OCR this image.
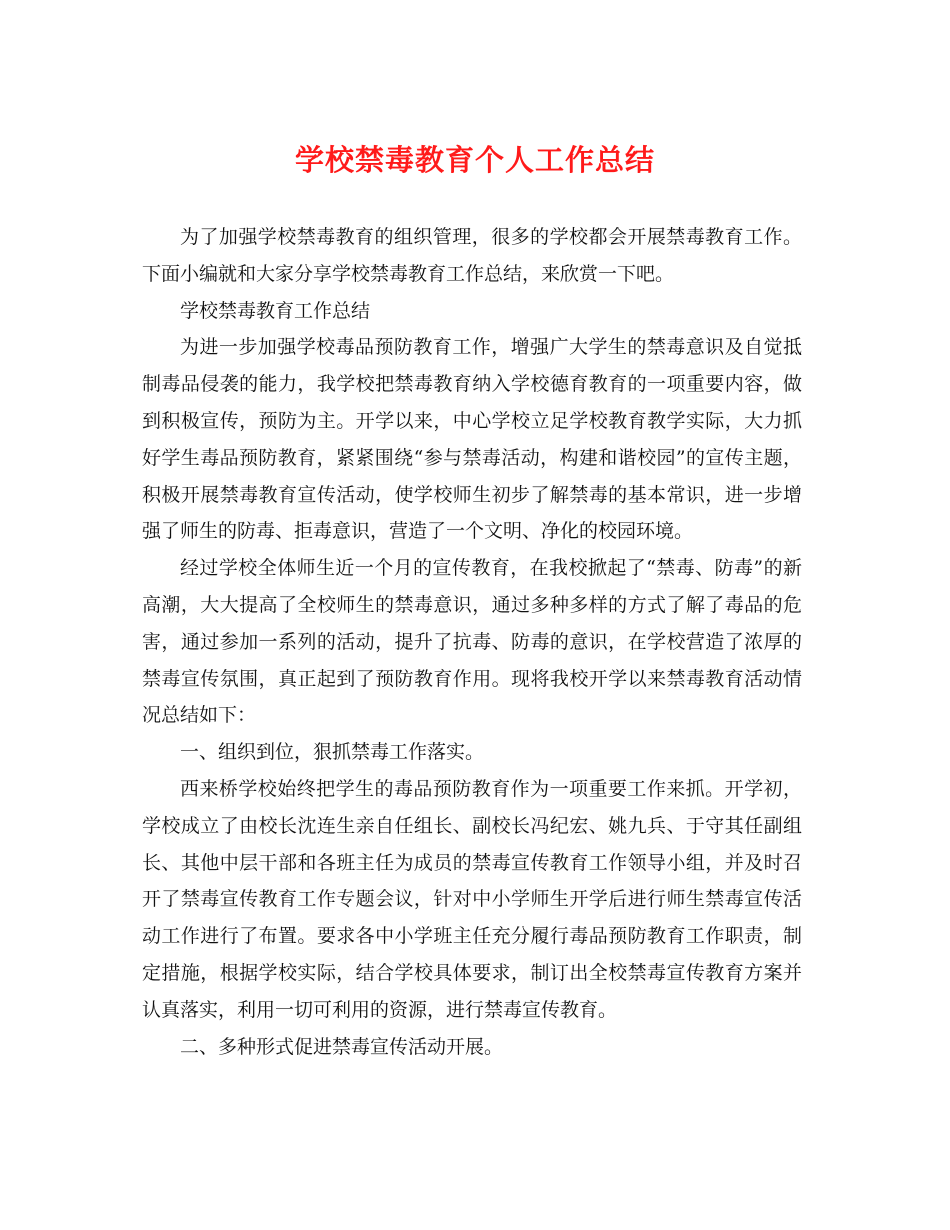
学校禁毒教育个人工作总结

为了加强学校禁毒教育的组织管理，很多的学校都会开展禁毒教育工作。下面小编就和大家分享学校禁毒教育工作总结，来欣赏一下吧。

学校禁毒教育工作总结

为进一步加强学校毒品预防教育工作，增强广大学生的禁毒意识及自觉抵制毒品侵袭的能力，我学校把禁毒教育纳入学校德育教育的一项重要内容，做到积极宣传，预防为主。开学以来，中心学校立足学校教育教学实际，大力抓好学生毒品预防教育，紧紧围绕“参与禁毒活动，构建和谐校园”的宣传主题，积极开展禁毒教育宣传活动，使学校师生初步了解禁毒的基本常识，进一步增强了师生的防毒、拒毒意识，营造了一个文明、净化的校园环境。

经过学校全体师生近一个月的宣传教育，在我校掀起了“禁毒、防毒”的新高潮，大大提高了全校师生的禁毒意识，通过多种多样的方式了解了毒品的危害，通过参加一系列的活动，提升了抗毒、防毒的意识，在学校营造了浓厚的禁毒宣传氛围，真正起到了预防教育作用。现将我校开学以来禁毒教育活动情况总结如下：

一、组织到位，狠抓禁毒工作落实。

西来桥学校始终把学生的毒品预防教育作为一项重要工作来抓。开学初，学校成立了由校长沈连生亲自任组长、副校长冯纪宏、姚九兵、于守其任副组长、其他中层干部和各班主任为成员的禁毒宣传教育工作领导小组，并及时召开了禁毒宣传教育工作专题会议，针对中小学师生开学后进行师生禁毒宣传活动工作进行了布置。要求各中小学班主任充分履行毒品预防教育工作职责，制定措施，根据学校实际，结合学校具体要求，制订出全校禁毒宣传教育方案并认真落实，利用一切可利用的资源，进行禁毒宣传教育。

二、多种形式促进禁毒宣传活动开展。
